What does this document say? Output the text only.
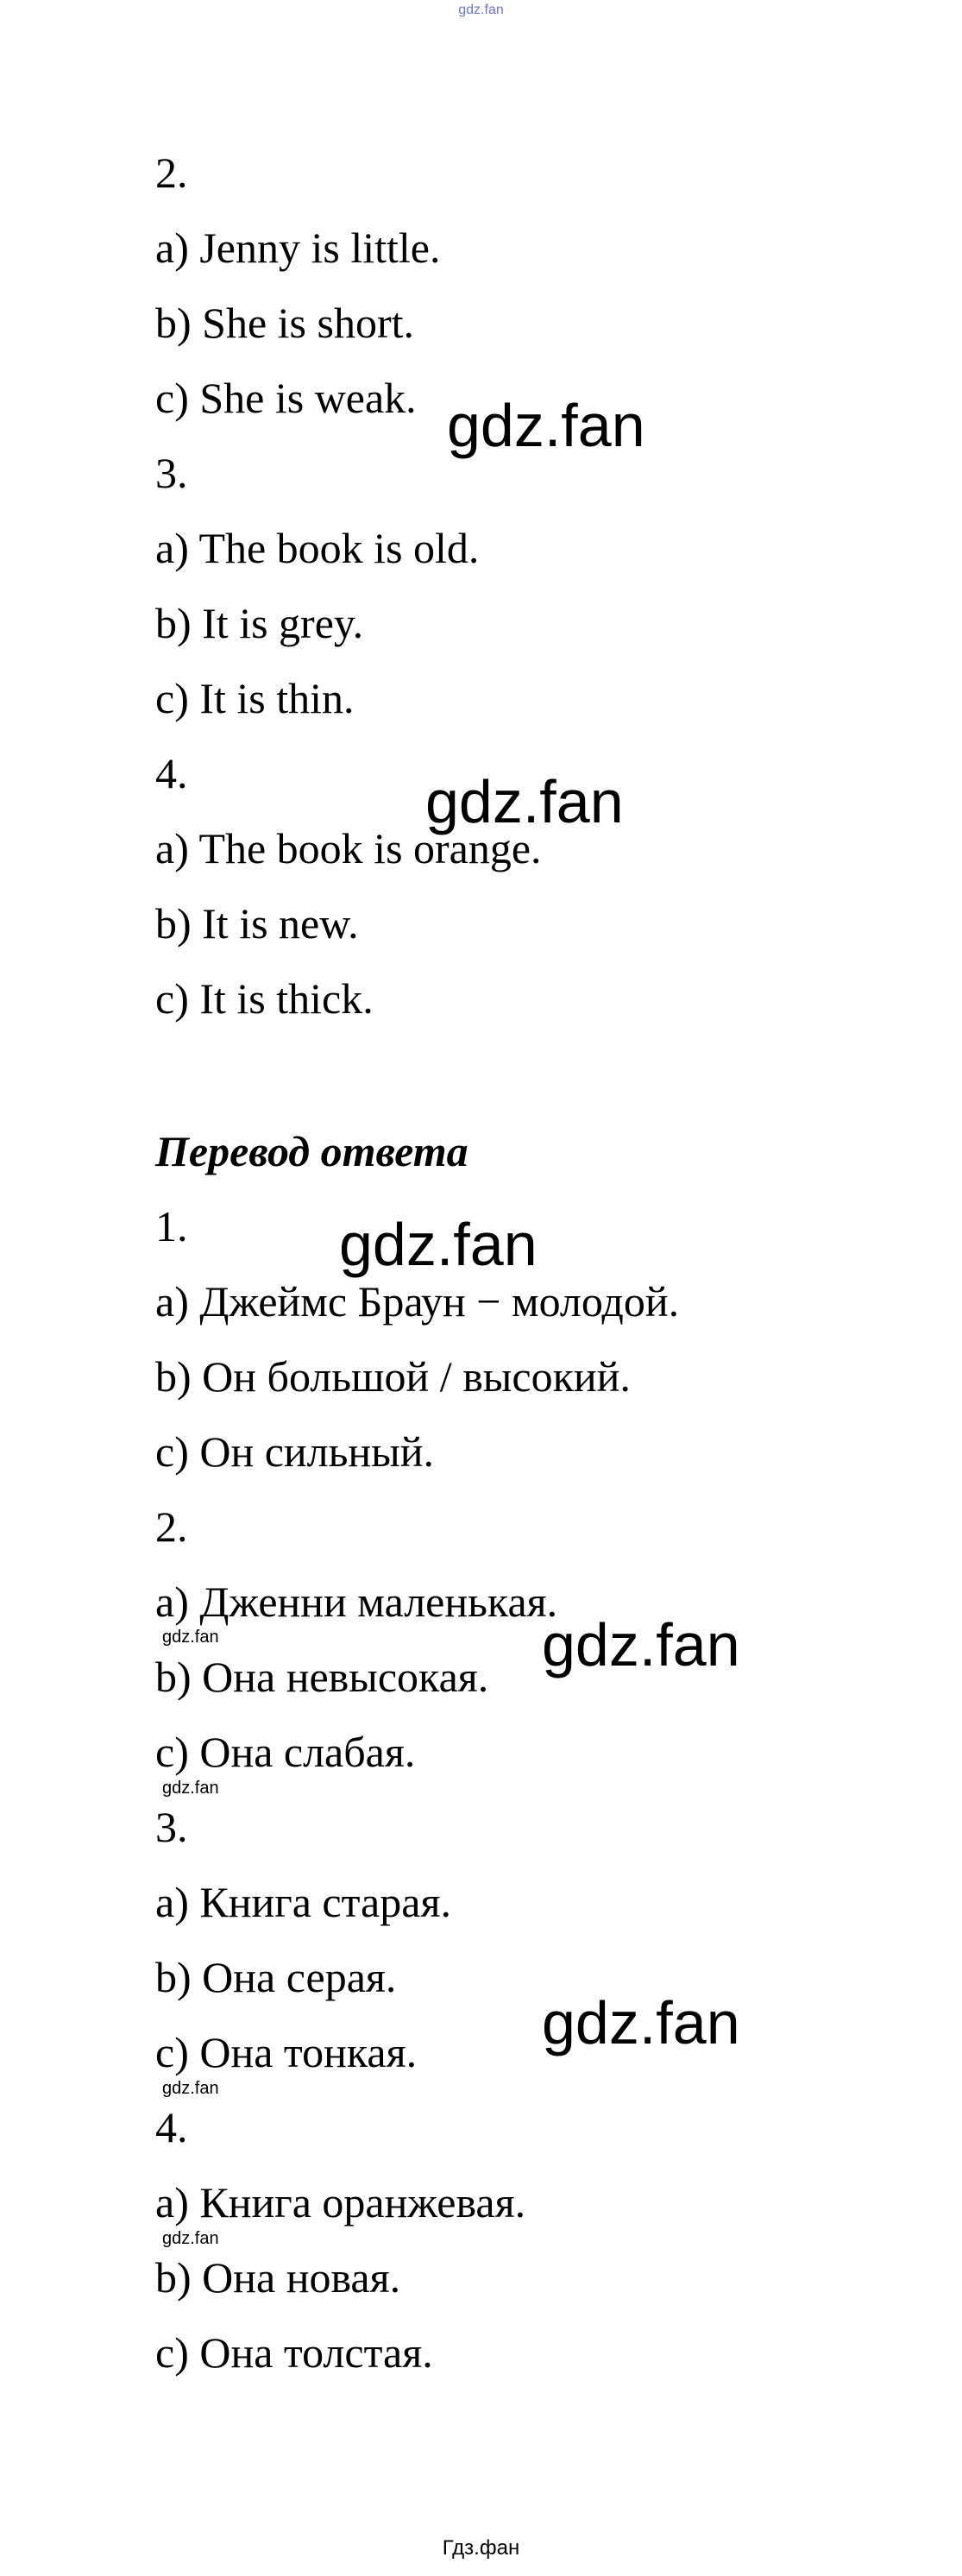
gdz.fan

2.

a) Jenny is little.

b) She is short.

c) She is weak.

3.

a) The book is old.

b) It is grey.

c) It is thin.

4.

a) The book is orange.

b) It is new.

c) It is thick.

Перевод ответа

1.

a) Джеймс Браун − молодой.

b) Он большой / высокий.

c) Он сильный.

2.

a) Дженни маленькая.

b) Она невысокая.

c) Она слабая.

3.

a) Книга старая.

b) Она серая.

c) Она тонкая.

4.

a) Книга оранжевая.

b) Она новая.

c) Она толстая.

gdz.fan
gdz.fan
gdz.fan
gdz.fan
gdz.fan
gdz.fan
gdz.fan
gdz.fan
gdz.fan
Гдз.фан
